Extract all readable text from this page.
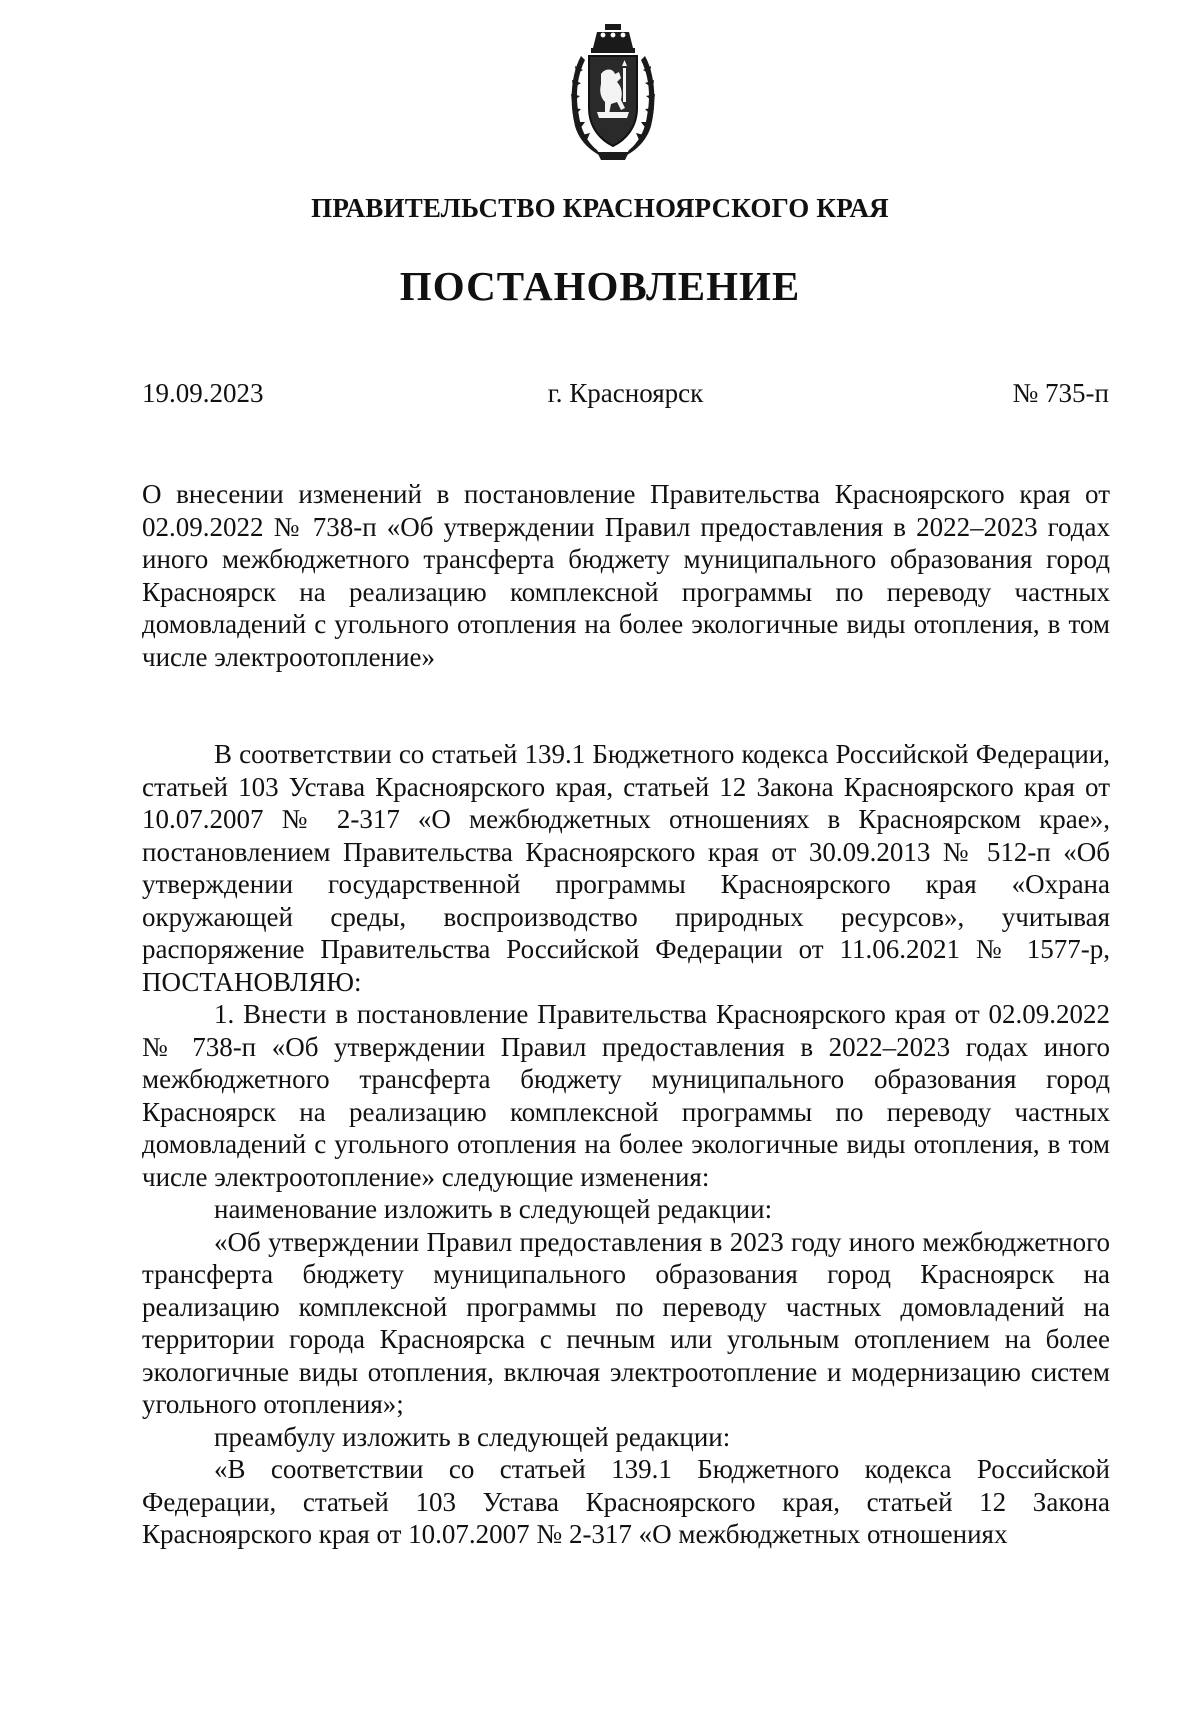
ПРАВИТЕЛЬСТВО КРАСНОЯРСКОГО КРАЯ
ПОСТАНОВЛЕНИЕ
19.09.2023	г. Красноярск	№ 735-п

О внесении изменений в постановление Правительства Красноярского края от 02.09.2022 № 738-п «Об утверждении Правил предоставления в 2022–2023 годах иного межбюджетного трансферта бюджету муниципального образования город Красноярск на реализацию комплексной программы по переводу частных домовладений с угольного отопления на более экологичные виды отопления, в том числе электроотопление»

В соответствии со статьей 139.1 Бюджетного кодекса Российской Федерации, статьей 103 Устава Красноярского края, статьей 12 Закона Красноярского края от 10.07.2007 № 2-317 «О межбюджетных отношениях в Красноярском крае», постановлением Правительства Красноярского края от 30.09.2013 № 512-п «Об утверждении государственной программы Красноярского края «Охрана окружающей среды, воспроизводство природных ресурсов», учитывая распоряжение Правительства Российской Федерации от 11.06.2021 № 1577-р, ПОСТАНОВЛЯЮ:

1. Внести в постановление Правительства Красноярского края от 02.09.2022 № 738-п «Об утверждении Правил предоставления в 2022–2023 годах иного межбюджетного трансферта бюджету муниципального образования город Красноярск на реализацию комплексной программы по переводу частных домовладений с угольного отопления на более экологичные виды отопления, в том числе электроотопление» следующие изменения:

наименование изложить в следующей редакции:

«Об утверждении Правил предоставления в 2023 году иного межбюджетного трансферта бюджету муниципального образования город Красноярск на реализацию комплексной программы по переводу частных домовладений на территории города Красноярска с печным или угольным отоплением на более экологичные виды отопления, включая электроотопление и модернизацию систем угольного отопления»;

преамбулу изложить в следующей редакции:

«В соответствии со статьей 139.1 Бюджетного кодекса Российской Федерации, статьей 103 Устава Красноярского края, статьей 12 Закона Красноярского края от 10.07.2007 № 2-317 «О межбюджетных отношениях
